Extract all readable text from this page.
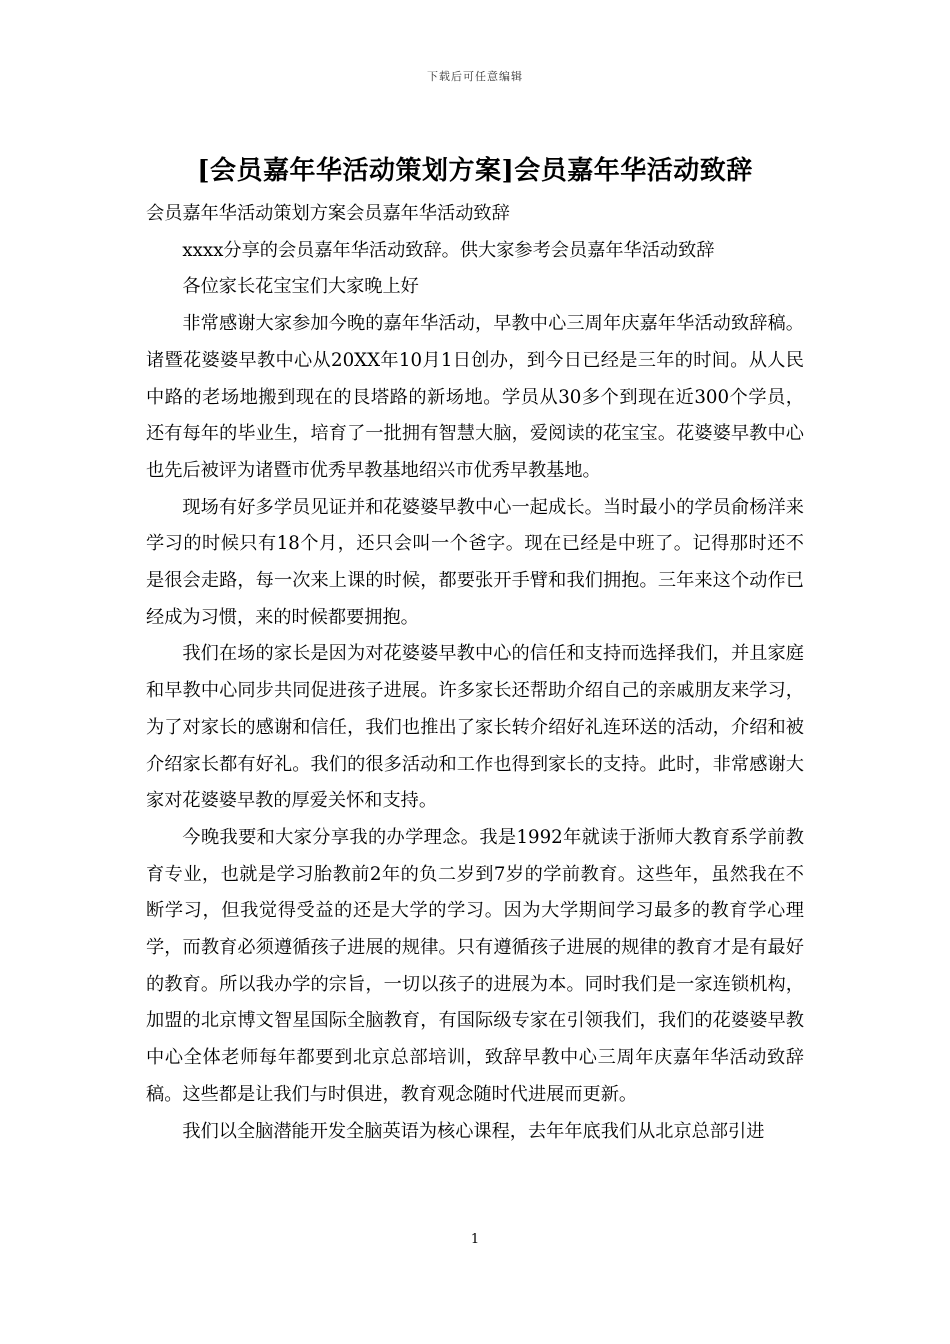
下载后可任意编辑
[会员嘉年华活动策划方案]会员嘉年华活动致辞

会员嘉年华活动策划方案会员嘉年华活动致辞

xxxx分享的会员嘉年华活动致辞。供大家参考会员嘉年华活动致辞

各位家长花宝宝们大家晚上好

非常感谢大家参加今晚的嘉年华活动，早教中心三周年庆嘉年华活动致辞稿。诸暨花婆婆早教中心从20XX年10月1日创办，到今日已经是三年的时间。从人民中路的老场地搬到现在的艮塔路的新场地。学员从30多个到现在近300个学员，还有每年的毕业生，培育了一批拥有智慧大脑，爱阅读的花宝宝。花婆婆早教中心也先后被评为诸暨市优秀早教基地绍兴市优秀早教基地。

现场有好多学员见证并和花婆婆早教中心一起成长。当时最小的学员俞杨洋来学习的时候只有18个月，还只会叫一个爸字。现在已经是中班了。记得那时还不是很会走路，每一次来上课的时候，都要张开手臂和我们拥抱。三年来这个动作已经成为习惯，来的时候都要拥抱。

我们在场的家长是因为对花婆婆早教中心的信任和支持而选择我们，并且家庭和早教中心同步共同促进孩子进展。许多家长还帮助介绍自己的亲戚朋友来学习，为了对家长的感谢和信任，我们也推出了家长转介绍好礼连环送的活动，介绍和被介绍家长都有好礼。我们的很多活动和工作也得到家长的支持。此时，非常感谢大家对花婆婆早教的厚爱关怀和支持。

今晚我要和大家分享我的办学理念。我是1992年就读于浙师大教育系学前教育专业，也就是学习胎教前2年的负二岁到7岁的学前教育。这些年，虽然我在不断学习，但我觉得受益的还是大学的学习。因为大学期间学习最多的教育学心理学，而教育必须遵循孩子进展的规律。只有遵循孩子进展的规律的教育才是有最好的教育。所以我办学的宗旨，一切以孩子的进展为本。同时我们是一家连锁机构，加盟的北京博文智星国际全脑教育，有国际级专家在引领我们，我们的花婆婆早教中心全体老师每年都要到北京总部培训，致辞早教中心三周年庆嘉年华活动致辞稿。这些都是让我们与时俱进，教育观念随时代进展而更新。

我们以全脑潜能开发全脑英语为核心课程，去年年底我们从北京总部引进

1
